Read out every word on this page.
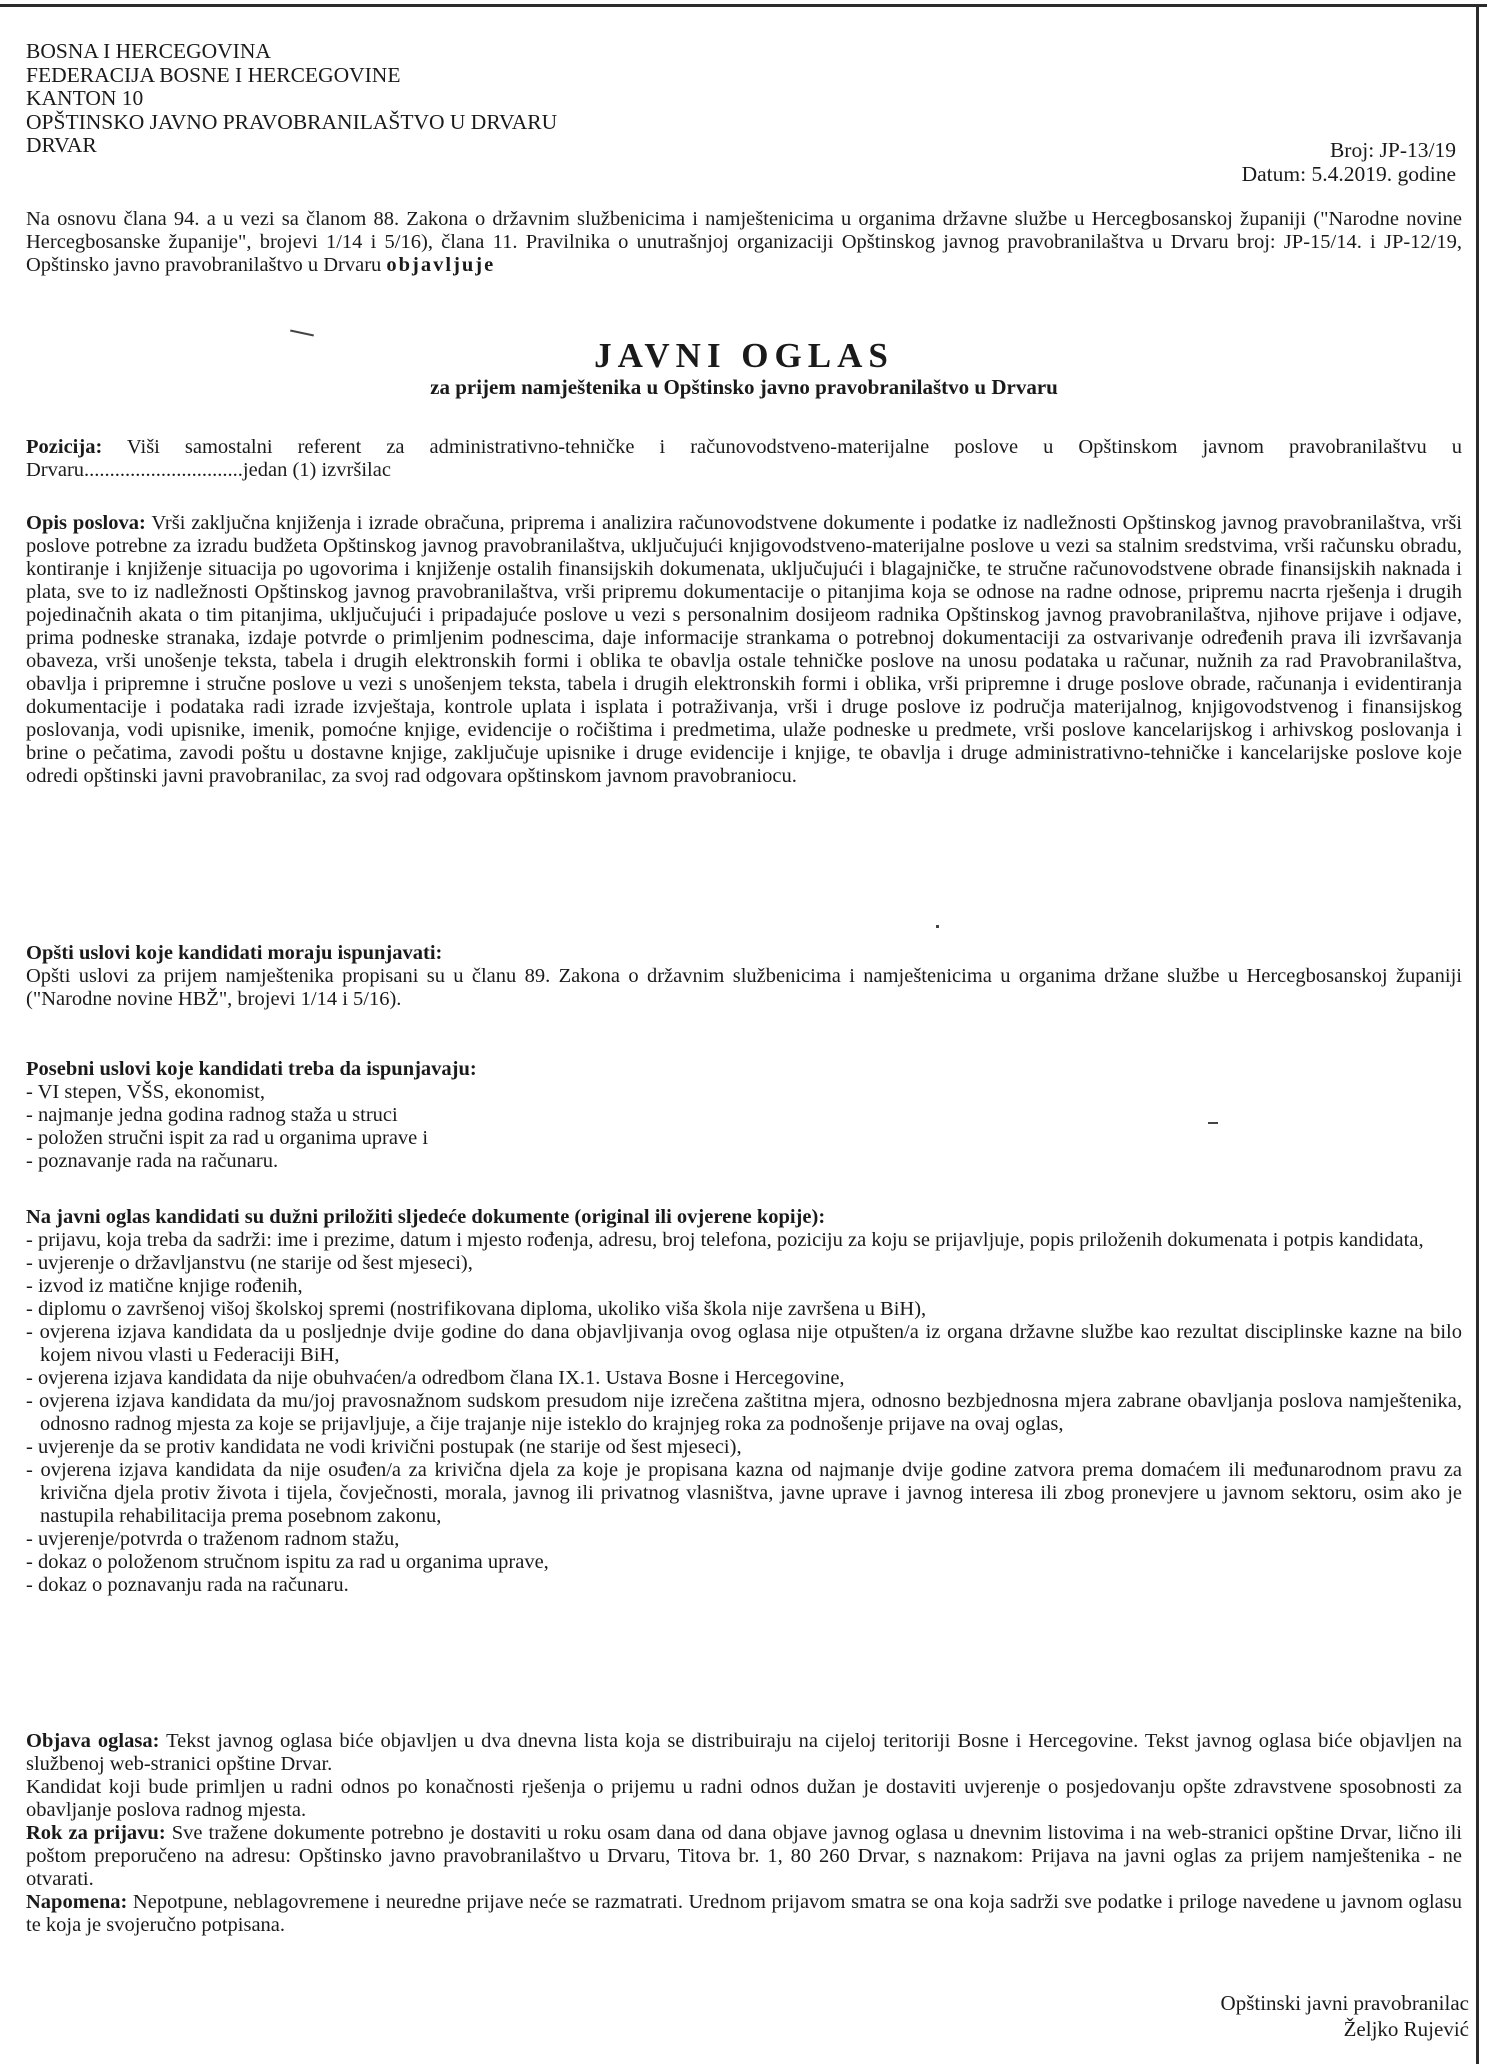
BOSNA I HERCEGOVINA
FEDERACIJA BOSNE I HERCEGOVINE
KANTON 10
OPŠTINSKO JAVNO PRAVOBRANILAŠTVO U DRVARU
DRVAR	Broj: JP-13/19
Datum: 5.4.2019. godine
Na osnovu člana 94. a u vezi sa članom 88. Zakona o državnim službenicima i namještenicima u organima državne službe u Hercegbosanskoj županiji ("Narodne novine Hercegbosanske županije", brojevi 1/14 i 5/16), člana 11. Pravilnika o unutrašnjoj organizaciji Opštinskog javnog pravobranilaštva u Drvaru broj: JP-15/14. i JP-12/19, Opštinsko javno pravobranilaštvo u Drvaru objavljuje
JAVNI OGLAS
za prijem namještenika u Opštinsko javno pravobranilaštvo u Drvaru
Pozicija: Viši samostalni referent za administrativno-tehničke i računovodstveno-materijalne poslove u Opštinskom javnom pravobranilaštvu u Drvaru...............................jedan (1) izvršilac
Opis poslova: Vrši zaključna knjiženja i izrade obračuna, priprema i analizira računovodstvene dokumente i podatke iz nadležnosti Opštinskog javnog pravobranilaštva, vrši poslove potrebne za izradu budžeta Opštinskog javnog pravobranilaštva, uključujući knjigovodstveno-materijalne poslove u vezi sa stalnim sredstvima, vrši računsku obradu, kontiranje i knjiženje situacija po ugovorima i knjiženje ostalih finansijskih dokumenata, uključujući i blagajničke, te stručne računovodstvene obrade finansijskih naknada i plata, sve to iz nadležnosti Opštinskog javnog pravobranilaštva, vrši pripremu dokumentacije o pitanjima koja se odnose na radne odnose, pripremu nacrta rješenja i drugih pojedinačnih akata o tim pitanjima, uključujući i pripadajuće poslove u vezi s personalnim dosijeom radnika Opštinskog javnog pravobranilaštva, njihove prijave i odjave, prima podneske stranaka, izdaje potvrde o primljenim podnescima, daje informacije strankama o potrebnoj dokumentaciji za ostvarivanje određenih prava ili izvršavanja obaveza, vrši unošenje teksta, tabela i drugih elektronskih formi i oblika te obavlja ostale tehničke poslove na unosu podataka u računar, nužnih za rad Pravobranilaštva, obavlja i pripremne i stručne poslove u vezi s unošenjem teksta, tabela i drugih elektronskih formi i oblika, vrši pripremne i druge poslove obrade, računanja i evidentiranja dokumentacije i podataka radi izrade izvještaja, kontrole uplata i isplata i potraživanja, vrši i druge poslove iz područja materijalnog, knjigovodstvenog i finansijskog poslovanja, vodi upisnike, imenik, pomoćne knjige, evidencije o ročištima i predmetima, ulaže podneske u predmete, vrši poslove kancelarijskog i arhivskog poslovanja i brine o pečatima, zavodi poštu u dostavne knjige, zaključuje upisnike i druge evidencije i knjige, te obavlja i druge administrativno-tehničke i kancelarijske poslove koje odredi opštinski javni pravobranilac, za svoj rad odgovara opštinskom javnom pravobraniocu.
Opšti uslovi koje kandidati moraju ispunjavati:
Opšti uslovi za prijem namještenika propisani su u članu 89. Zakona o državnim službenicima i namještenicima u organima držane službe u Hercegbosanskoj županiji ("Narodne novine HBŽ", brojevi 1/14 i 5/16).
Posebni uslovi koje kandidati treba da ispunjavaju:
- VI stepen, VŠS, ekonomist,
- najmanje jedna godina radnog staža u struci
- položen stručni ispit za rad u organima uprave i
- poznavanje rada na računaru.
Na javni oglas kandidati su dužni priložiti sljedeće dokumente (original ili ovjerene kopije):
- prijavu, koja treba da sadrži: ime i prezime, datum i mjesto rođenja, adresu, broj telefona, poziciju za koju se prijavljuje, popis priloženih dokumenata i potpis kandidata,
- uvjerenje o državljanstvu (ne starije od šest mjeseci),
- izvod iz matične knjige rođenih,
- diplomu o završenoj višoj školskoj spremi (nostrifikovana diploma, ukoliko viša škola nije završena u BiH),
- ovjerena izjava kandidata da u posljednje dvije godine do dana objavljivanja ovog oglasa nije otpušten/a iz organa državne službe kao rezultat disciplinske kazne na bilo kojem nivou vlasti u Federaciji BiH,
- ovjerena izjava kandidata da nije obuhvaćen/a odredbom člana IX.1. Ustava Bosne i Hercegovine,
- ovjerena izjava kandidata da mu/joj pravosnažnom sudskom presudom nije izrečena zaštitna mjera, odnosno bezbjednosna mjera zabrane obavljanja poslova namještenika, odnosno radnog mjesta za koje se prijavljuje, a čije trajanje nije isteklo do krajnjeg roka za podnošenje prijave na ovaj oglas,
- uvjerenje da se protiv kandidata ne vodi krivični postupak (ne starije od šest mjeseci),
- ovjerena izjava kandidata da nije osuđen/a za krivična djela za koje je propisana kazna od najmanje dvije godine zatvora prema domaćem ili međunarodnom pravu za krivična djela protiv života i tijela, čovječnosti, morala, javnog ili privatnog vlasništva, javne uprave i javnog interesa ili zbog pronevjere u javnom sektoru, osim ako je nastupila rehabilitacija prema posebnom zakonu,
- uvjerenje/potvrda o traženom radnom stažu,
- dokaz o položenom stručnom ispitu za rad u organima uprave,
- dokaz o poznavanju rada na računaru.
Objava oglasa: Tekst javnog oglasa biće objavljen u dva dnevna lista koja se distribuiraju na cijeloj teritoriji Bosne i Hercegovine. Tekst javnog oglasa biće objavljen na službenoj web-stranici opštine Drvar.
Kandidat koji bude primljen u radni odnos po konačnosti rješenja o prijemu u radni odnos dužan je dostaviti uvjerenje o posjedovanju opšte zdravstvene sposobnosti za obavljanje poslova radnog mjesta.
Rok za prijavu: Sve tražene dokumente potrebno je dostaviti u roku osam dana od dana objave javnog oglasa u dnevnim listovima i na web-stranici opštine Drvar, lično ili poštom preporučeno na adresu: Opštinsko javno pravobranilaštvo u Drvaru, Titova br. 1, 80 260 Drvar, s naznakom: Prijava na javni oglas za prijem namještenika - ne otvarati.
Napomena: Nepotpune, neblagovremene i neuredne prijave neće se razmatrati. Urednom prijavom smatra se ona koja sadrži sve podatke i priloge navedene u javnom oglasu te koja je svojeručno potpisana.
Opštinski javni pravobranilac
Željko Rujević
